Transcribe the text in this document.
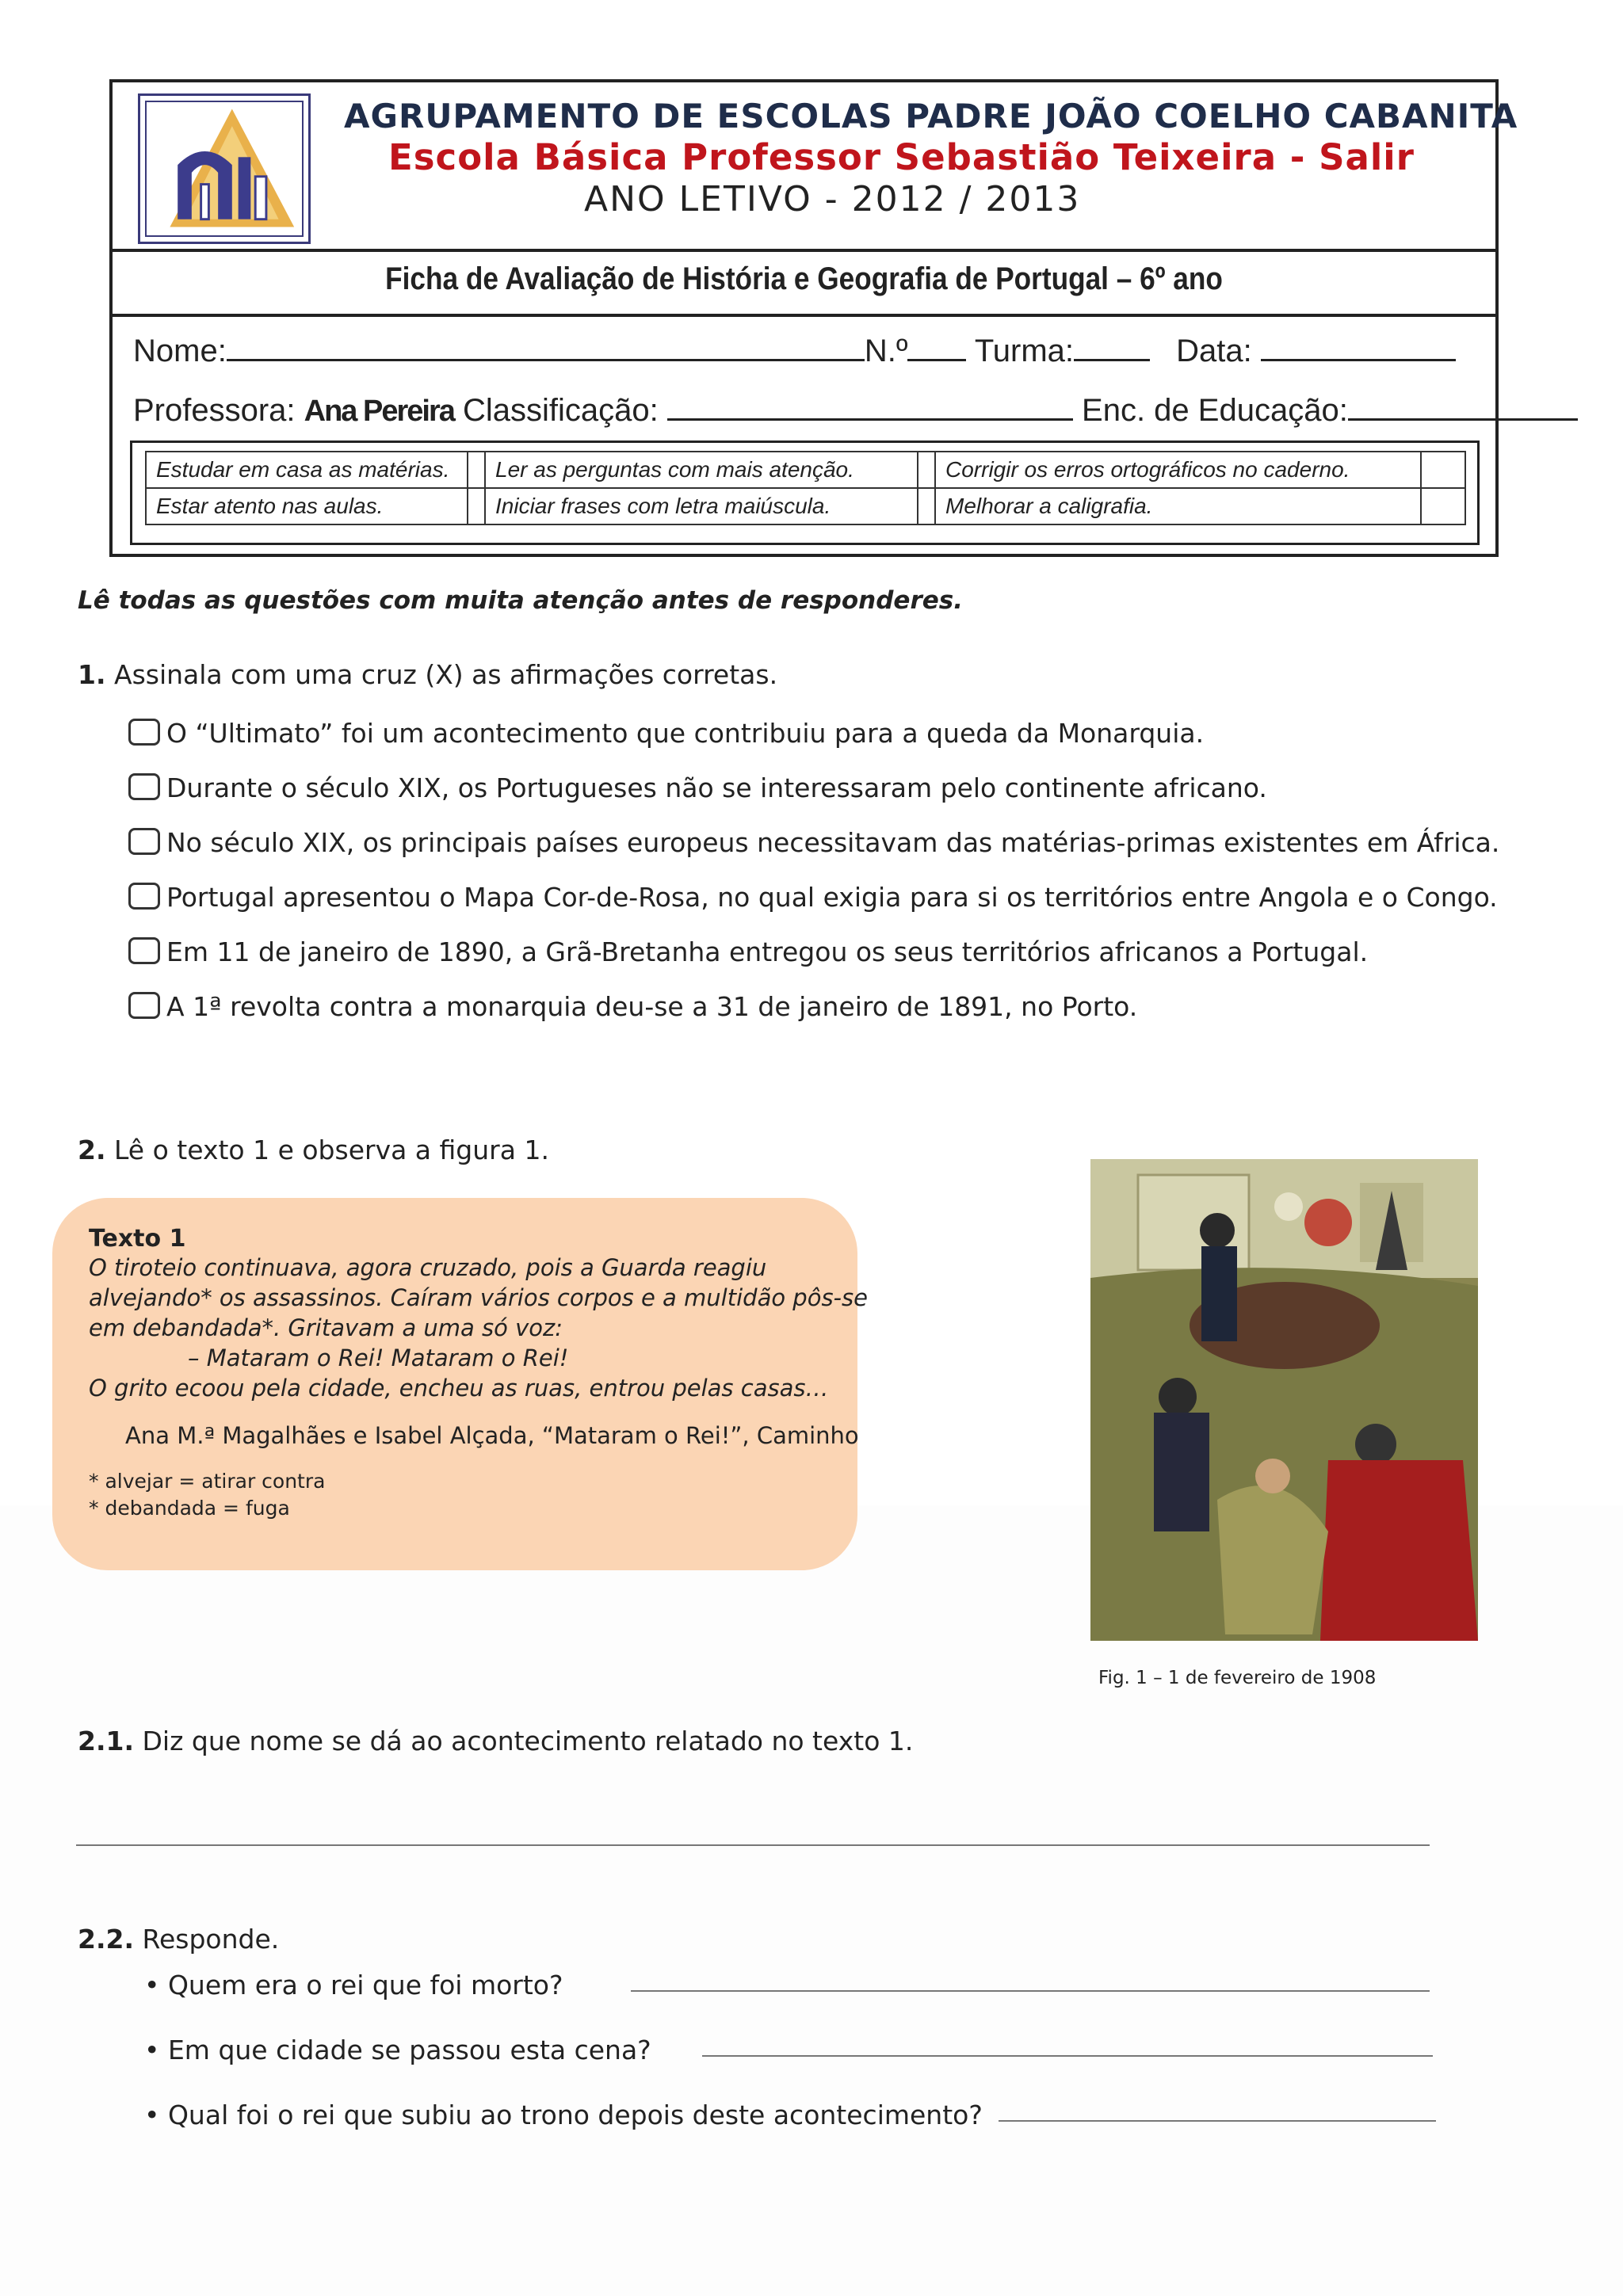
AGRUPAMENTO DE ESCOLAS PADRE JOÃO COELHO CABANITA
Escola Básica Professor Sebastião Teixeira - Salir
ANO LETIVO - 2012 / 2013
Ficha de Avaliação de História e Geografia de Portugal – 6º ano
Nome:	N.º Turma:	Data:
Professora: Ana Pereira Classificação:	Enc. de Educação:
Estudar em casa as matérias.		Ler as perguntas com mais atenção.		Corrigir os erros ortográficos no caderno.	
Estar atento nas aulas.		Iniciar frases com letra maiúscula.		Melhorar a caligrafia.	
Lê todas as questões com muita atenção antes de responderes.
1. Assinala com uma cruz (X) as afirmações corretas.
O “Ultimato” foi um acontecimento que contribuiu para a queda da Monarquia.
Durante o século XIX, os Portugueses não se interessaram pelo continente africano.
No século XIX, os principais países europeus necessitavam das matérias-primas existentes em África.
Portugal apresentou o Mapa Cor-de-Rosa, no qual exigia para si os territórios entre Angola e o Congo.
Em 11 de janeiro de 1890, a Grã-Bretanha entregou os seus territórios africanos a Portugal.
A 1ª revolta contra a monarquia deu-se a 31 de janeiro de 1891, no Porto.
2. Lê o texto 1 e observa a figura 1.
Texto 1
O tiroteio continuava, agora cruzado, pois a Guarda reagiu
alvejando* os assassinos. Caíram vários corpos e a multidão pôs-se
em debandada*. Gritavam a uma só voz:
– Mataram o Rei! Mataram o Rei!
O grito ecoou pela cidade, encheu as ruas, entrou pelas casas…
Ana M.ª Magalhães e Isabel Alçada, “Mataram o Rei!”, Caminho
* alvejar = atirar contra
* debandada = fuga
Fig. 1 – 1 de fevereiro de 1908
2.1. Diz que nome se dá ao acontecimento relatado no texto 1.
2.2. Responde.
• Quem era o rei que foi morto?
• Em que cidade se passou esta cena?
• Qual foi o rei que subiu ao trono depois deste acontecimento?
